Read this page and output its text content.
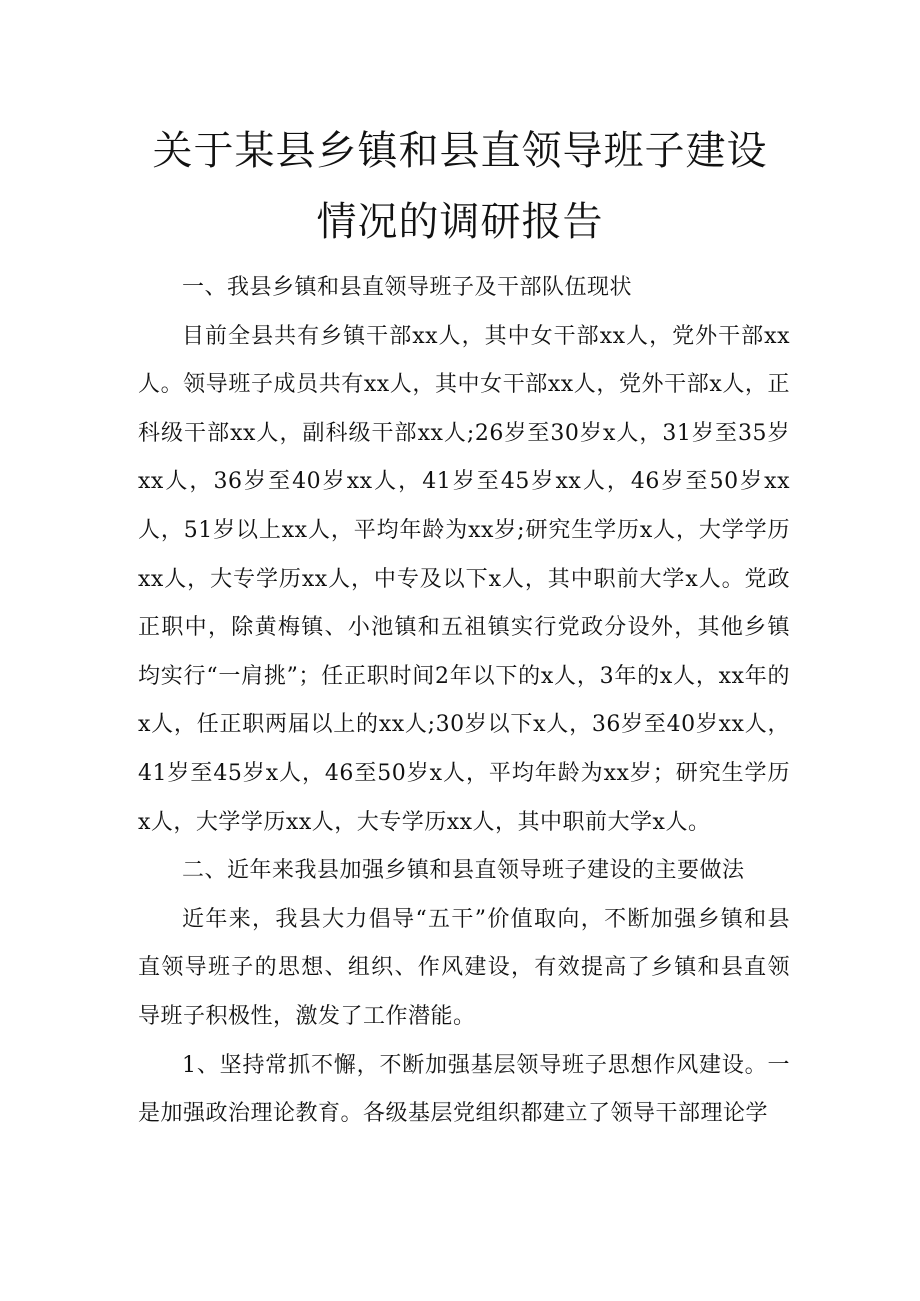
关于某县乡镇和县直领导班子建设
情况的调研报告

一、我县乡镇和县直领导班子及干部队伍现状

目前全县共有乡镇干部xx人，其中女干部xx人，党外干部xx人。领导班子成员共有xx人，其中女干部xx人，党外干部x人，正科级干部xx人，副科级干部xx人;26岁至30岁x人，31岁至35岁xx人，36岁至40岁xx人，41岁至45岁xx人，46岁至50岁xx人，51岁以上xx人，平均年龄为xx岁;研究生学历x人，大学学历xx人，大专学历xx人，中专及以下x人，其中职前大学x人。党政正职中，除黄梅镇、小池镇和五祖镇实行党政分设外，其他乡镇均实行“一肩挑”；任正职时间2年以下的x人，3年的x人，xx年的x人，任正职两届以上的xx人;30岁以下x人，36岁至40岁xx人，41岁至45岁x人，46至50岁x人，平均年龄为xx岁；研究生学历x人，大学学历xx人，大专学历xx人，其中职前大学x人。

二、近年来我县加强乡镇和县直领导班子建设的主要做法

近年来，我县大力倡导“五干”价值取向，不断加强乡镇和县直领导班子的思想、组织、作风建设，有效提高了乡镇和县直领导班子积极性，激发了工作潜能。

1、坚持常抓不懈，不断加强基层领导班子思想作风建设。一是加强政治理论教育。各级基层党组织都建立了领导干部理论学
